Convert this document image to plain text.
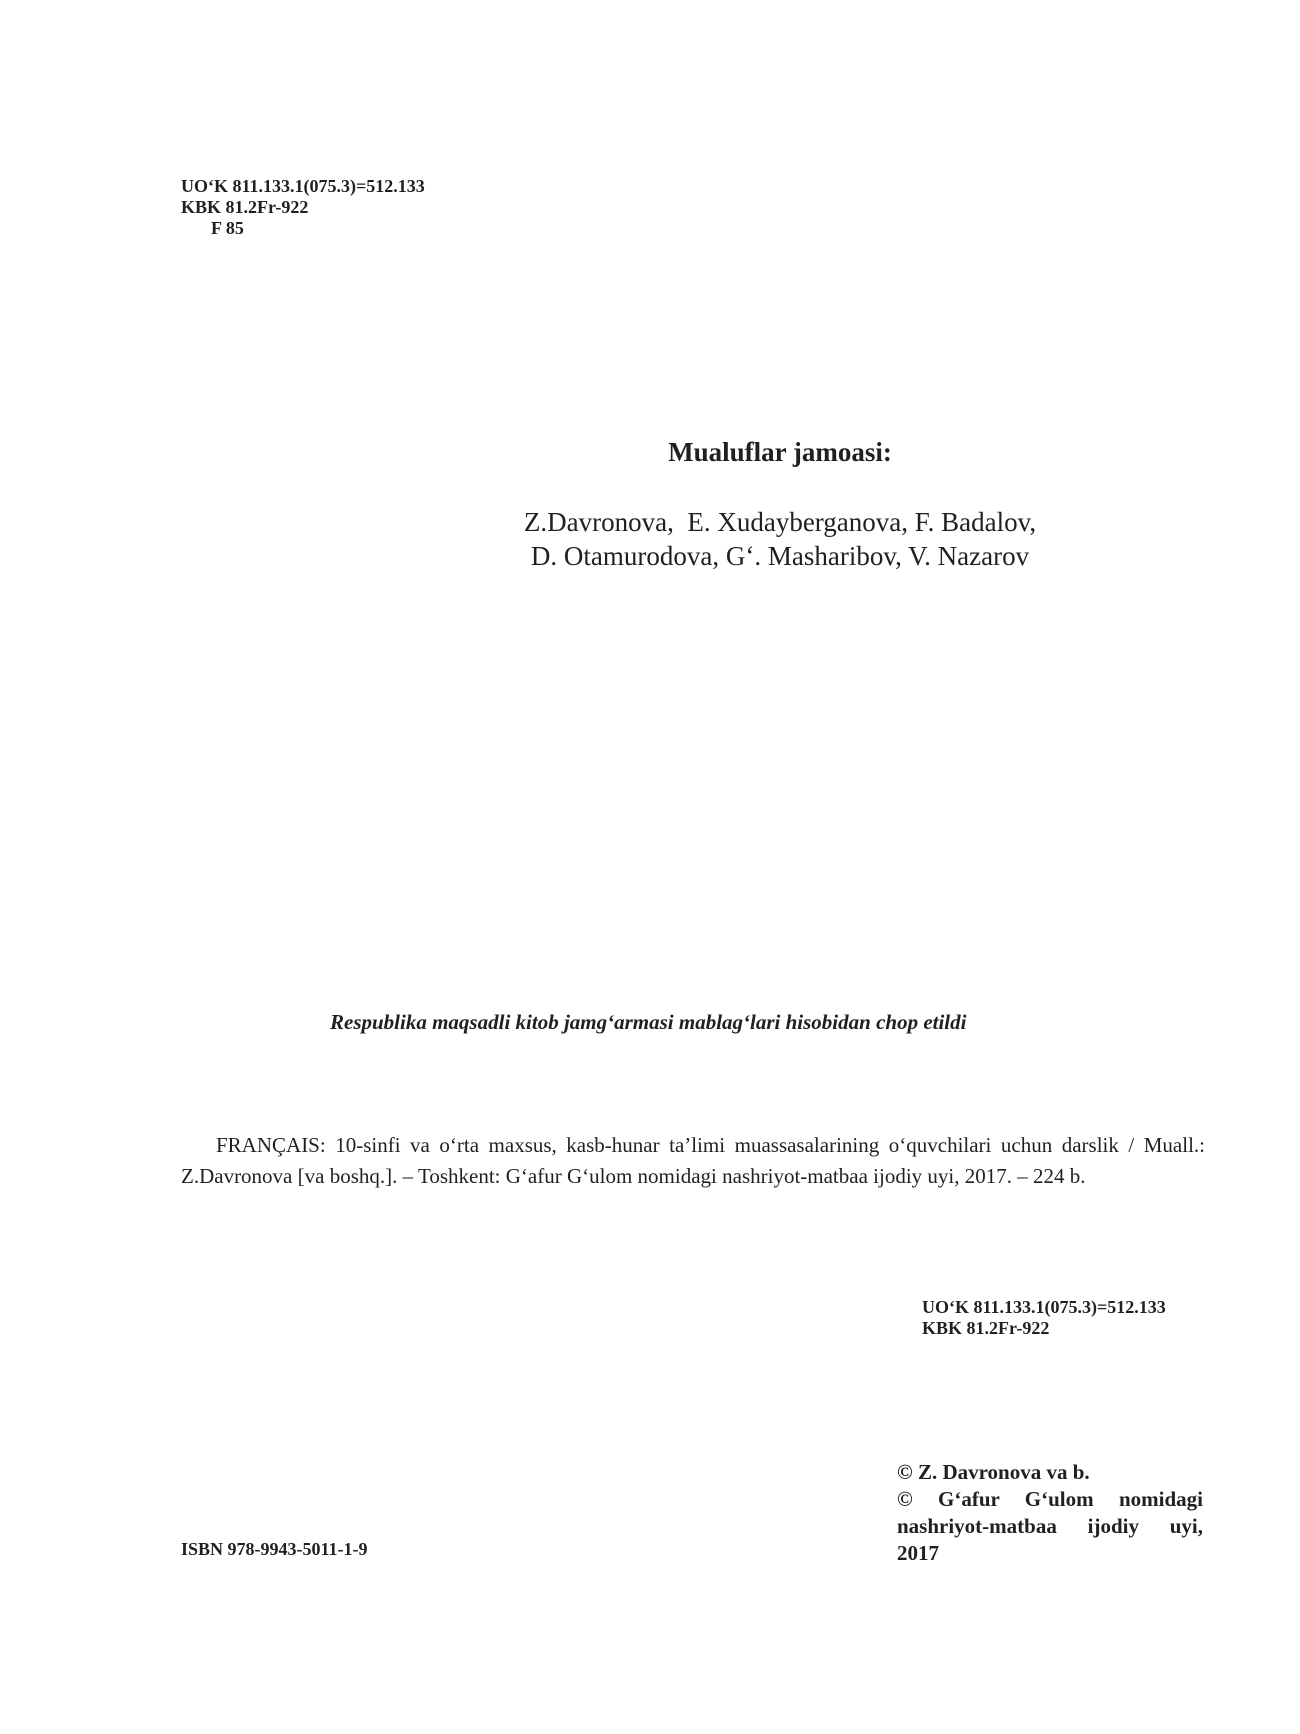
UO‘K 811.133.1(075.3)=512.133
KBK 81.2Fr-922
F 85
Mualuflar jamoasi:
Z.Davronova,  E. Xudayberganova, F. Badalov,
D. Otamurodova, G‘. Masharibov, V. Nazarov
Respublika maqsadli kitob jamg‘armasi mablag‘lari hisobidan chop etildi
FRANÇAIS: 10-sinfi va o‘rta maxsus, kasb-hunar ta’limi muassasalarining o‘quvchilari uchun darslik / Muall.: Z.Davronova [va boshq.]. – Toshkent: G‘afur G‘ulom nomidagi nashriyot-matbaa ijodiy uyi, 2017. – 224 b.
UO‘K 811.133.1(075.3)=512.133
KBK 81.2Fr-922
© Z. Davronova va b.
© G‘afur G‘ulom nomidagi
nashriyot-matbaa ijodiy uyi,
2017
ISBN 978-9943-5011-1-9
